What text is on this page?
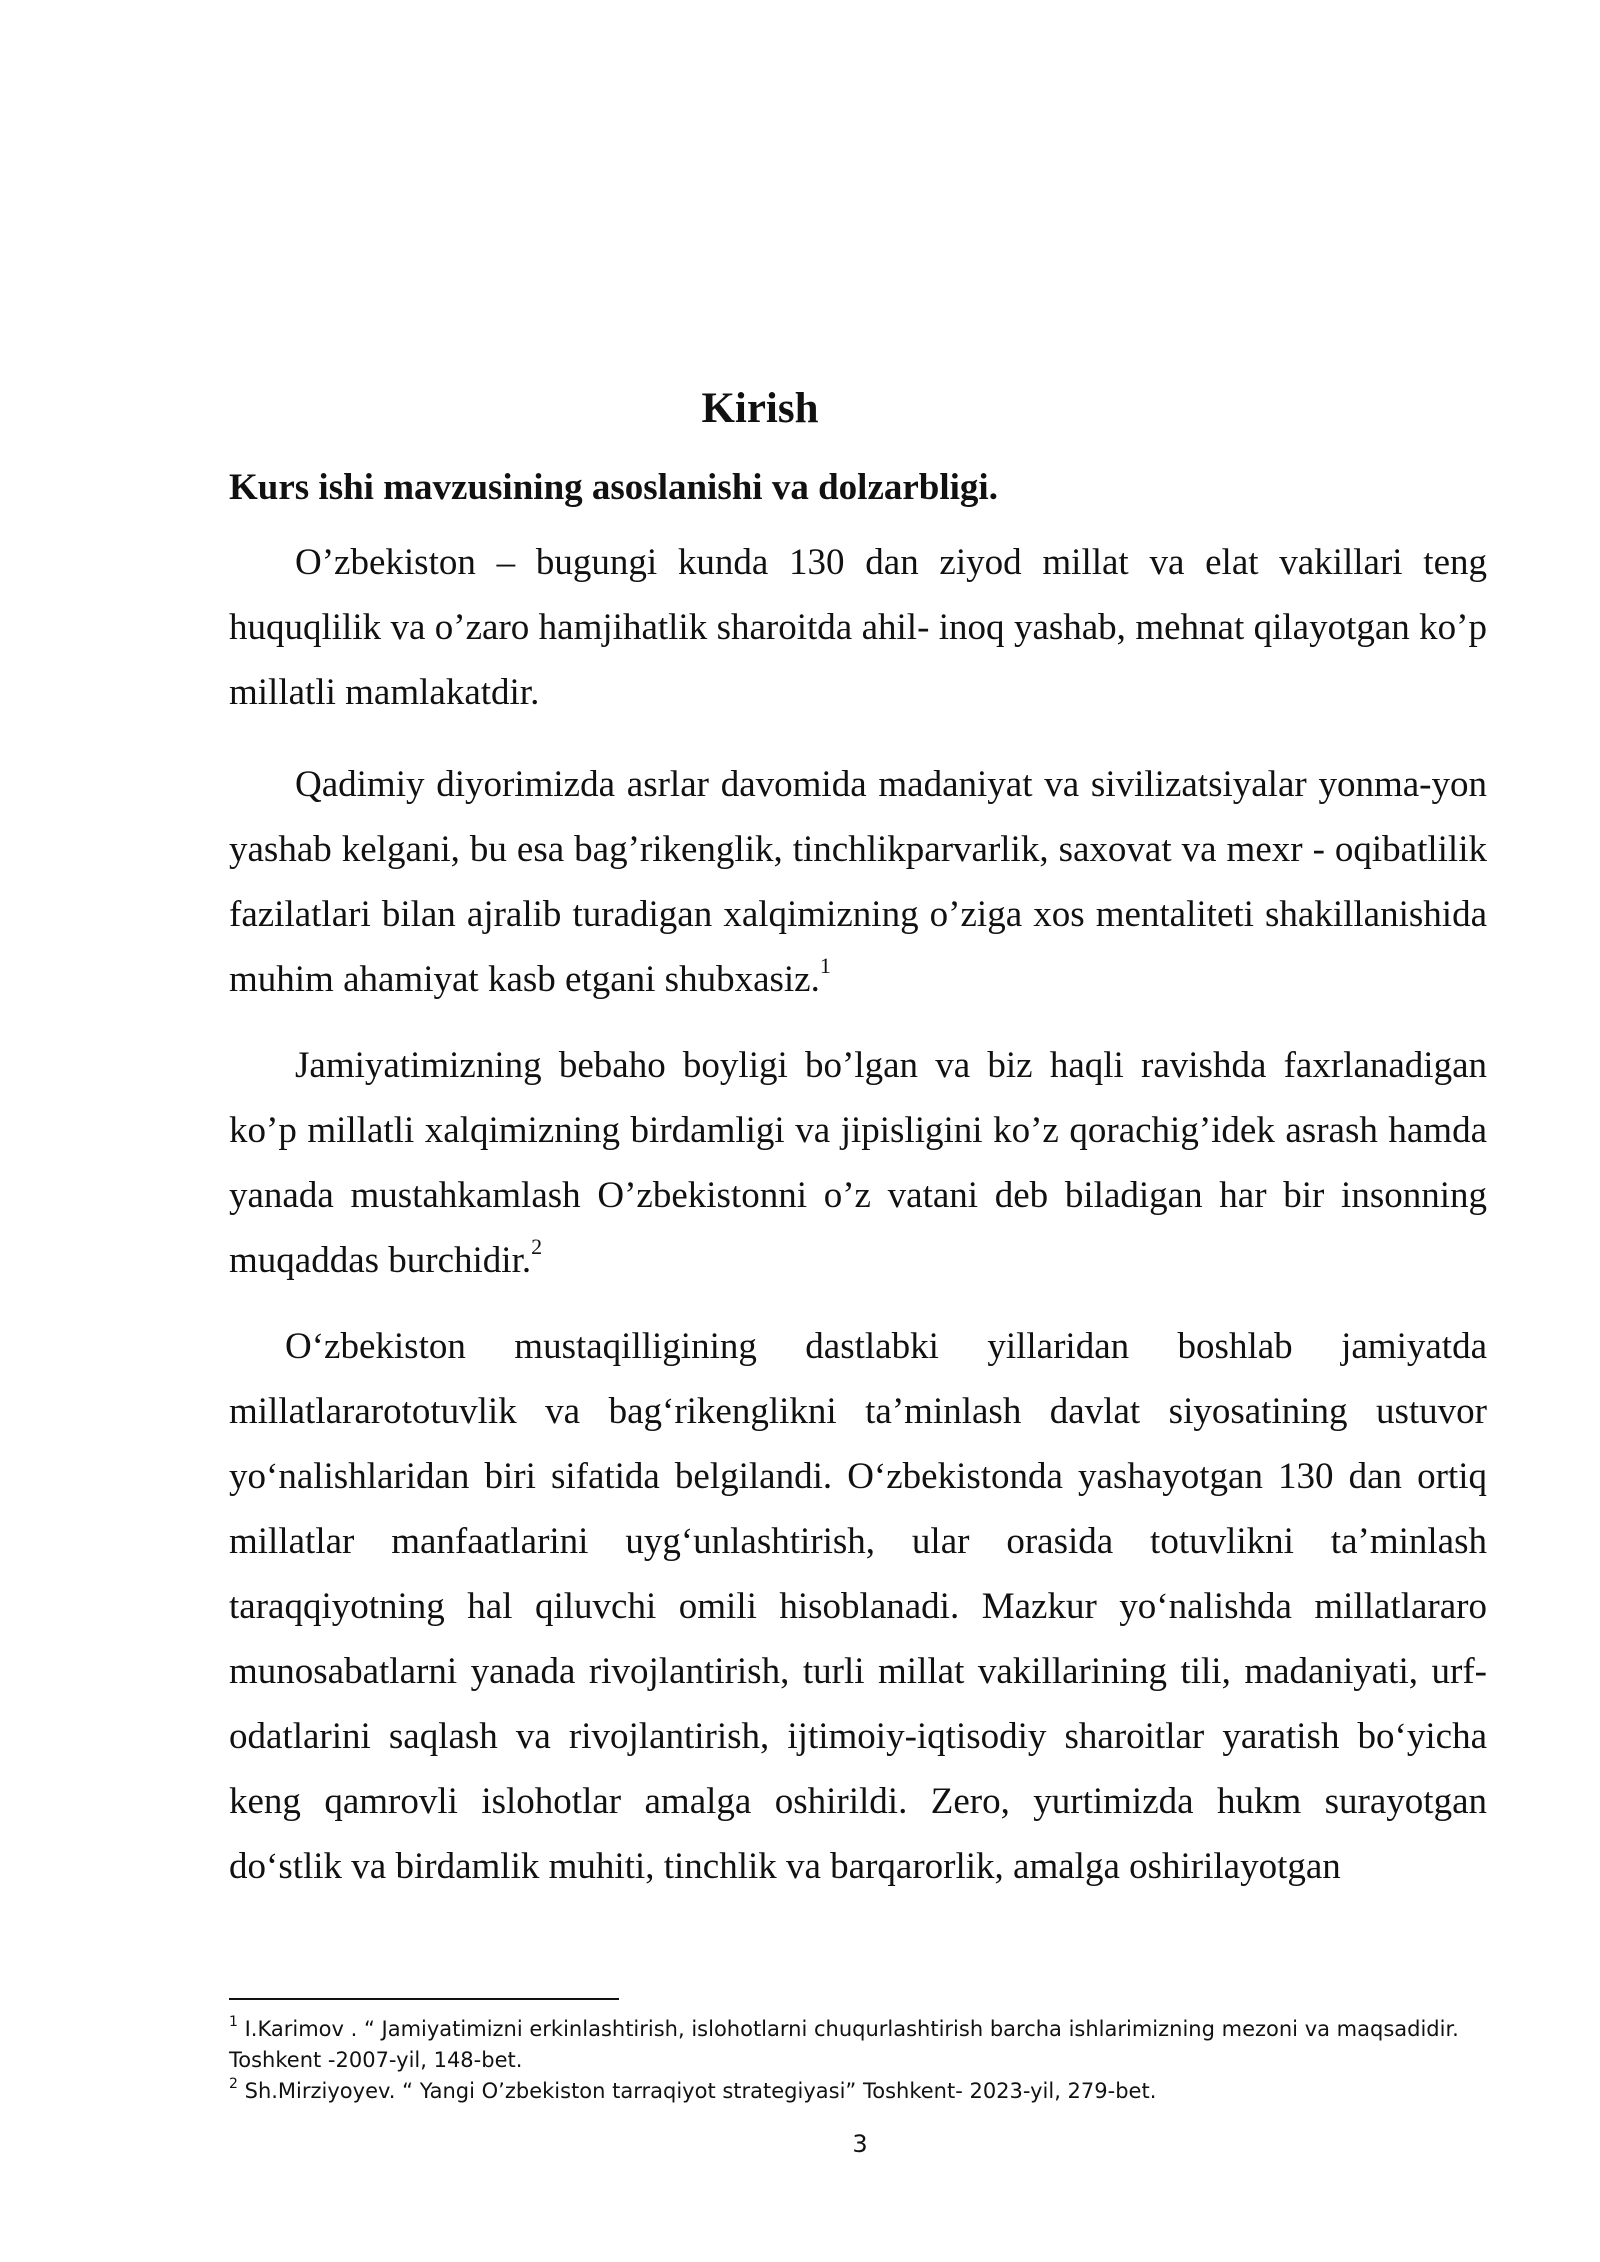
Kirish
Kurs ishi mavzusining asoslanishi va dolzarbligi.

O’zbekiston – bugungi kunda 130 dan ziyod millat va elat vakillari teng huquqlilik va o’zaro hamjihatlik sharoitda ahil- inoq yashab, mehnat qilayotgan ko’p millatli mamlakatdir.

Qadimiy diyorimizda asrlar davomida madaniyat va sivilizatsiyalar yonma-yon yashab kelgani, bu esa bag’rikenglik, tinchlikparvarlik, saxovat va mexr - oqibatlilik fazilatlari bilan ajralib turadigan xalqimizning o’ziga xos mentaliteti shakillanishida muhim ahamiyat kasb etgani shubxasiz.$^1$

Jamiyatimizning bebaho boyligi bo’lgan va biz haqli ravishda faxrlanadigan ko’p millatli xalqimizning birdamligi va jipisligini ko’z qorachig’idek asrash hamda yanada mustahkamlash O’zbekistonni o’z vatani deb biladigan har bir insonning muqaddas burchidir.$^2$

O‘zbekiston mustaqilligining dastlabki yillaridan boshlab jamiyatda millatlararototuvlik va bag‘rikenglikni ta’minlash davlat siyosatining ustuvor yo‘nalishlaridan biri sifatida belgilandi. O‘zbekistonda yashayotgan 130 dan ortiq millatlar manfaatlarini uyg‘unlashtirish, ular orasida totuvlikni ta’minlash taraqqiyotning hal qiluvchi omili hisoblanadi. Mazkur yo‘nalishda millatlararo munosabatlarni yanada rivojlantirish, turli millat vakillarining tili, madaniyati, urf-odatlarini saqlash va rivojlantirish, ijtimoiy-iqtisodiy sharoitlar yaratish bo‘yicha keng qamrovli islohotlar amalga oshirildi. Zero, yurtimizda hukm surayotgan do‘stlik va birdamlik muhiti, tinchlik va barqarorlik, amalga oshirilayotgan

$^1$ I.Karimov . “ Jamiyatimizni erkinlashtirish, islohotlarni chuqurlashtirish barcha ishlarimizning mezoni va maqsadidir. Toshkent -2007-yil, 148-bet.

$^2$ Sh.Mirziyoyev. “ Yangi O’zbekiston tarraqiyot strategiyasi” Toshkent- 2023-yil, 279-bet.

3
